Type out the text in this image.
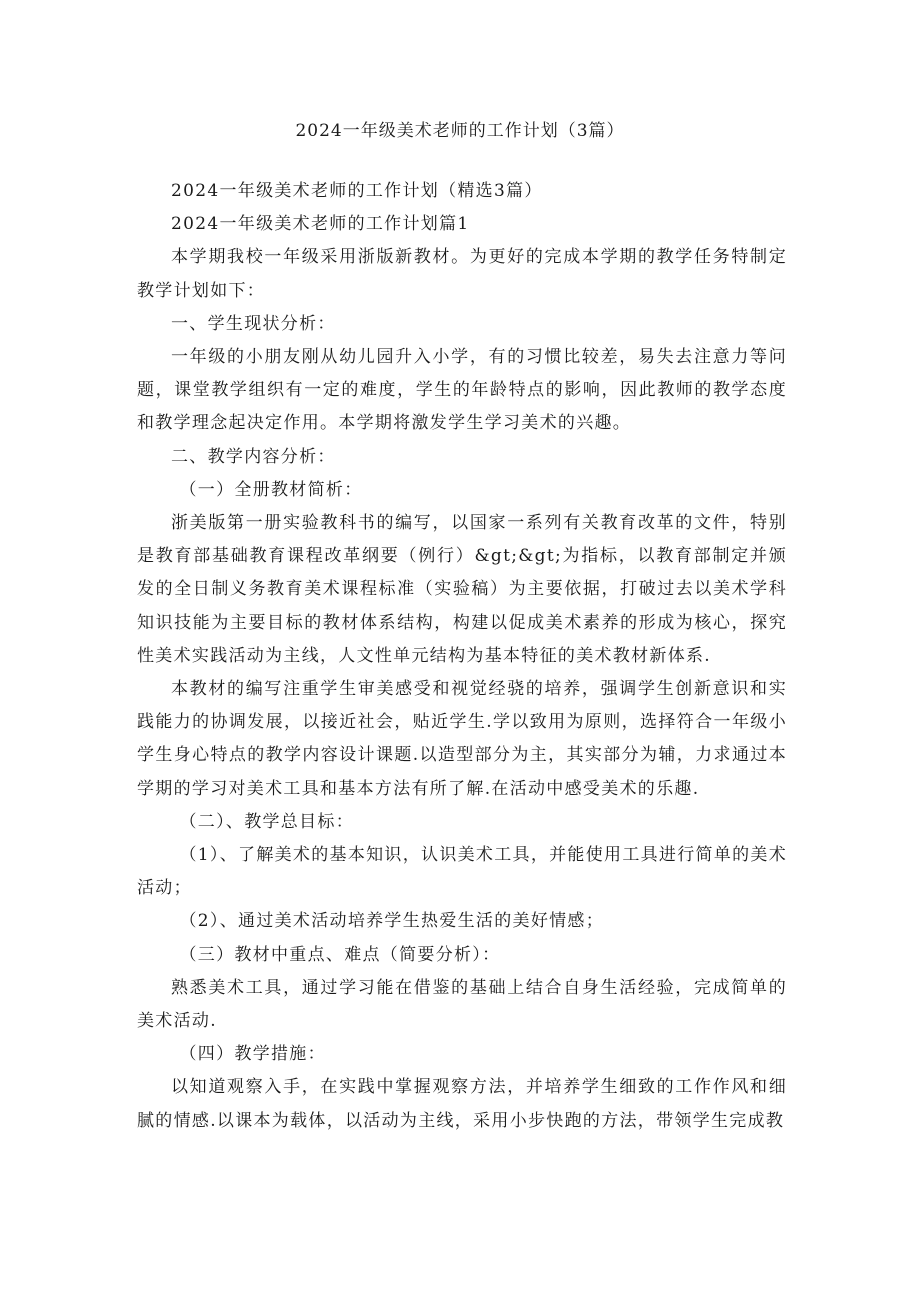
2024一年级美术老师的工作计划（3篇）

2024一年级美术老师的工作计划（精选3篇）

2024一年级美术老师的工作计划篇1

本学期我校一年级采用浙版新教材。为更好的完成本学期的教学任务特制定教学计划如下：

一、学生现状分析：

一年级的小朋友刚从幼儿园升入小学，有的习惯比较差，易失去注意力等问题，课堂教学组织有一定的难度，学生的年龄特点的影响，因此教师的教学态度和教学理念起决定作用。本学期将激发学生学习美术的兴趣。

二、教学内容分析：

（一）全册教材简析：

浙美版第一册实验教科书的编写，以国家一系列有关教育改革的文件，特别是教育部基础教育课程改革纲要（例行）&gt;&gt;为指标，以教育部制定并颁发的全日制义务教育美术课程标准（实验稿）为主要依据，打破过去以美术学科知识技能为主要目标的教材体系结构，构建以促成美术素养的形成为核心，探究性美术实践活动为主线，人文性单元结构为基本特征的美术教材新体系.

本教材的编写注重学生审美感受和视觉经骁的培养，强调学生创新意识和实践能力的协调发展，以接近社会，贴近学生.学以致用为原则，选择符合一年级小学生身心特点的教学内容设计课题.以造型部分为主，其实部分为辅，力求通过本学期的学习对美术工具和基本方法有所了解.在活动中感受美术的乐趣.

（二）、教学总目标：

（1）、了解美术的基本知识，认识美术工具，并能使用工具进行简单的美术活动；

（2）、通过美术活动培养学生热爱生活的美好情感；

（三）教材中重点、难点（简要分析）：

熟悉美术工具，通过学习能在借鉴的基础上结合自身生活经验，完成简单的美术活动.

（四）教学措施：

以知道观察入手，在实践中掌握观察方法，并培养学生细致的工作作风和细腻的情感.以课本为载体，以活动为主线，采用小步快跑的方法，带领学生完成教
